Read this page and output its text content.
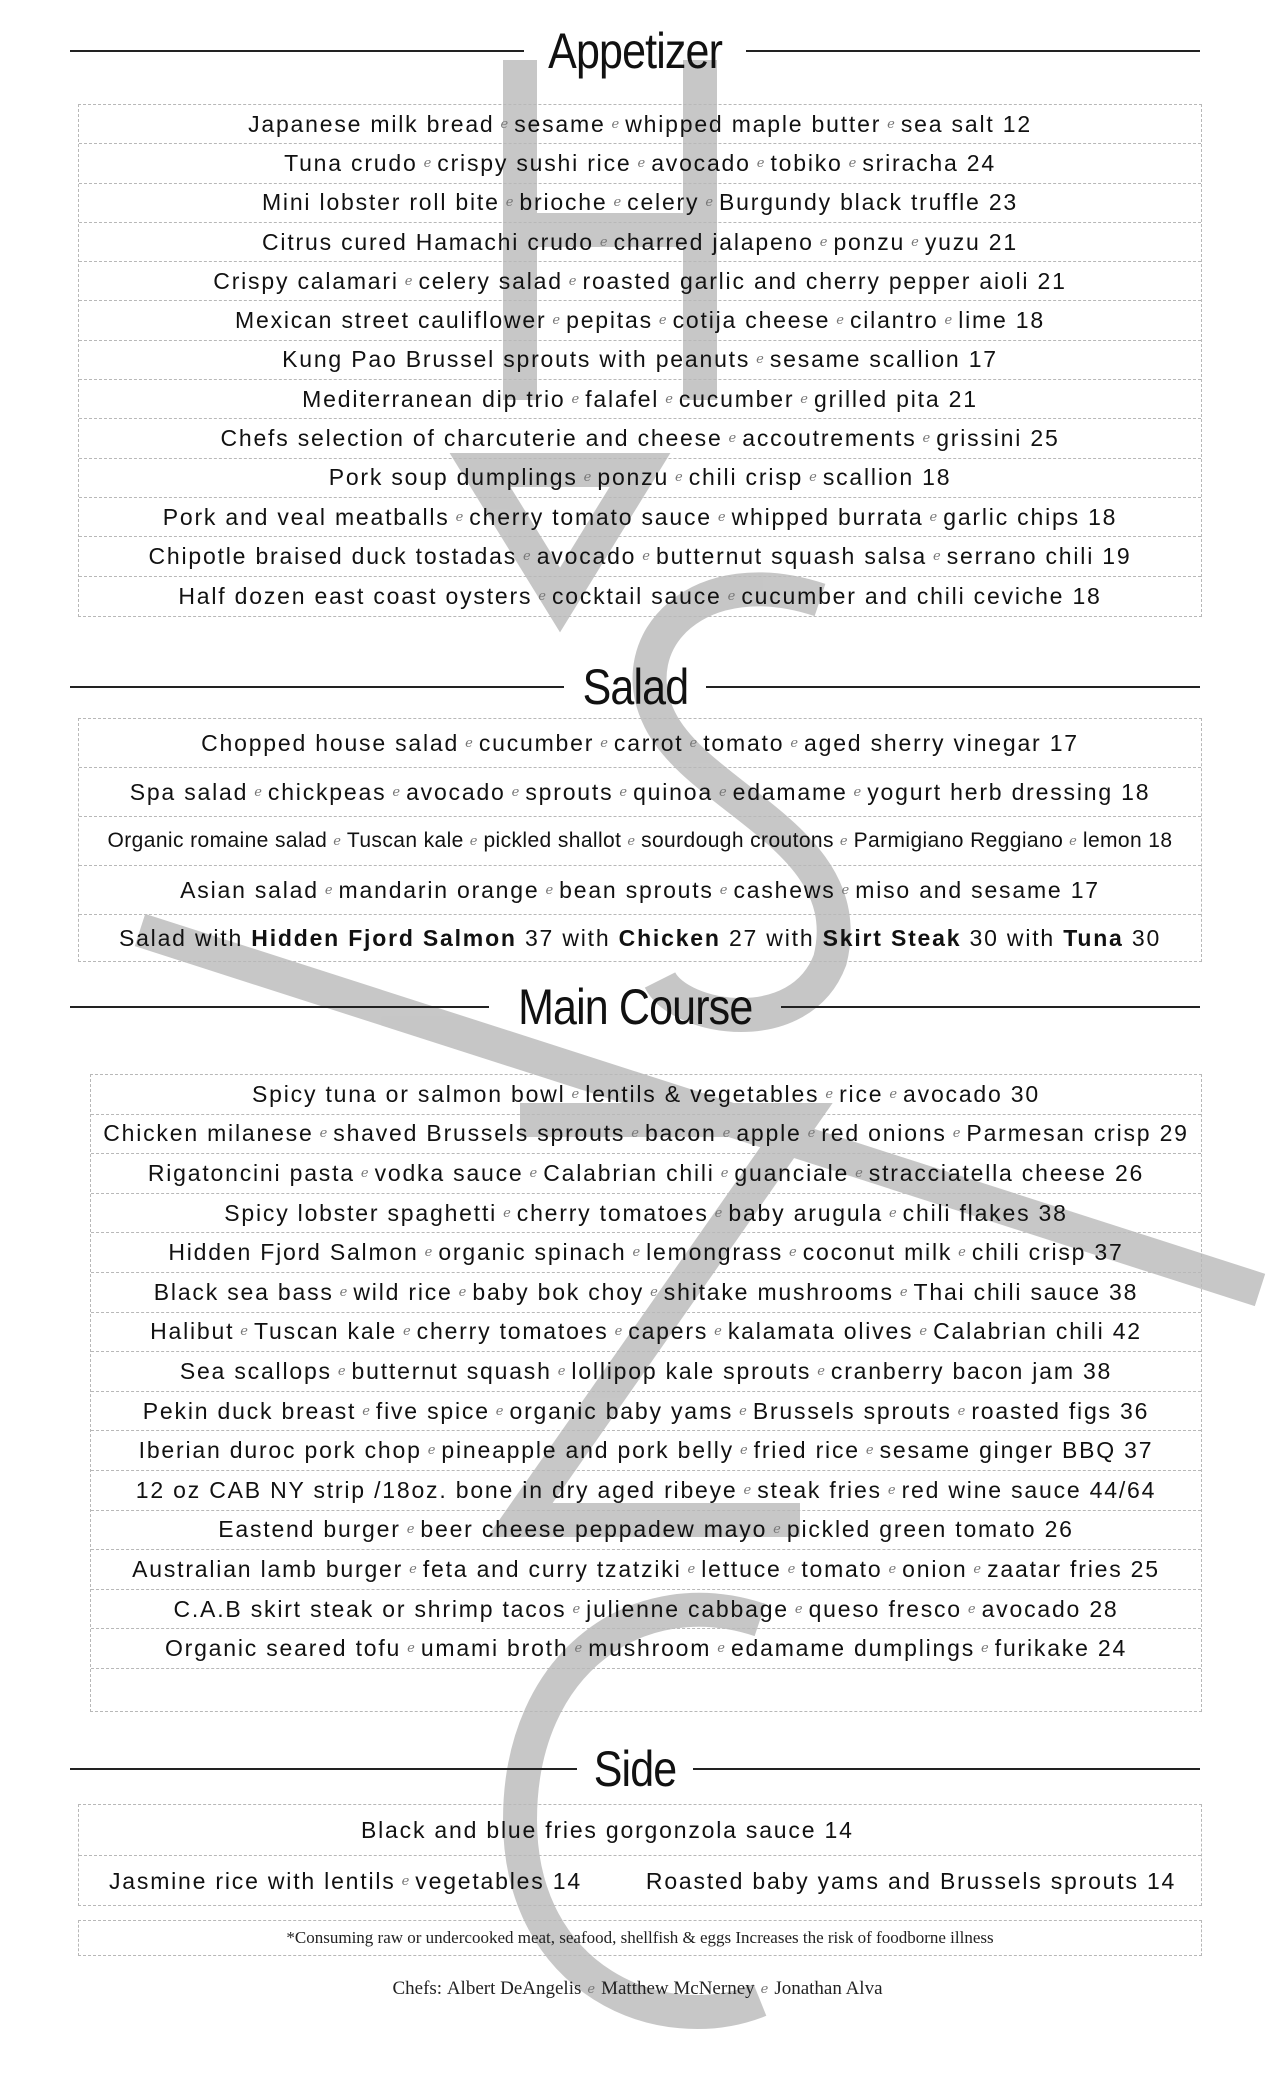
Appetizer
Japanese milk bread e sesame e whipped maple butter e sea salt 12
Tuna crudo e crispy sushi rice e avocado e tobiko e sriracha 24
Mini lobster roll bite e brioche e celery e Burgundy black truffle 23
Citrus cured Hamachi crudo e charred jalapeno e ponzu e yuzu 21
Crispy calamari e celery salad e roasted garlic and cherry pepper aioli 21
Mexican street cauliflower e pepitas e cotija cheese e cilantro e lime 18
Kung Pao Brussel sprouts with peanuts e sesame scallion 17
Mediterranean dip trio e falafel e cucumber e grilled pita 21
Chefs selection of charcuterie and cheese e accoutrements e grissini 25
Pork soup dumplings e ponzu e chili crisp e scallion 18
Pork and veal meatballs e cherry tomato sauce e whipped burrata e garlic chips 18
Chipotle braised duck tostadas e avocado e butternut squash salsa e serrano chili 19
Half dozen east coast oysters e cocktail sauce e cucumber and chili ceviche 18
Salad
Chopped house salad e cucumber e carrot e tomato e aged sherry vinegar 17
Spa salad e chickpeas e avocado e sprouts e quinoa e edamame e yogurt herb dressing 18
Organic romaine salad e Tuscan kale e pickled shallot e sourdough croutons e Parmigiano Reggiano e lemon 18
Asian salad e mandarin orange e bean sprouts e cashews e miso and sesame 17
Salad with
Hidden Fjord Salmon
37 with
Chicken
27 with
Skirt Steak
30 with
Tuna
30
Main Course
Spicy tuna or salmon bowl e lentils & vegetables e rice e avocado 30
Chicken milanese e shaved Brussels sprouts e bacon e apple e red onions e Parmesan crisp 29
Rigatoncini pasta e vodka sauce e Calabrian chili e guanciale e stracciatella cheese 26
Spicy lobster spaghetti e cherry tomatoes e baby arugula e chili flakes 38
Hidden Fjord Salmon e organic spinach e lemongrass e coconut milk e chili crisp 37
Black sea bass e wild rice e baby bok choy e shitake mushrooms e Thai chili sauce 38
Halibut e Tuscan kale e cherry tomatoes e capers e kalamata olives e Calabrian chili 42
Sea scallops e butternut squash e lollipop kale sprouts e cranberry bacon jam 38
Pekin duck breast e five spice e organic baby yams e Brussels sprouts e roasted figs 36
Iberian duroc pork chop e pineapple and pork belly e fried rice e sesame ginger BBQ 37
12 oz CAB NY strip /18oz. bone in dry aged ribeye e steak fries e red wine sauce 44/64
Eastend burger e beer cheese peppadew mayo e pickled green tomato 26
Australian lamb burger e feta and curry tzatziki e lettuce e tomato e onion e zaatar fries 25
C.A.B skirt steak or shrimp tacos e julienne cabbage e queso fresco e avocado 28
Organic seared tofu e umami broth e mushroom e edamame dumplings e furikake 24
Side
Black and blue fries gorgonzola sauce 14
Jasmine rice with lentils e vegetables 14	Roasted baby yams and Brussels sprouts 14
*Consuming raw or undercooked meat, seafood, shellfish & eggs Increases the risk of foodborne illness
Chefs:
Albert DeAngelis e Matthew McNerney e Jonathan Alva
